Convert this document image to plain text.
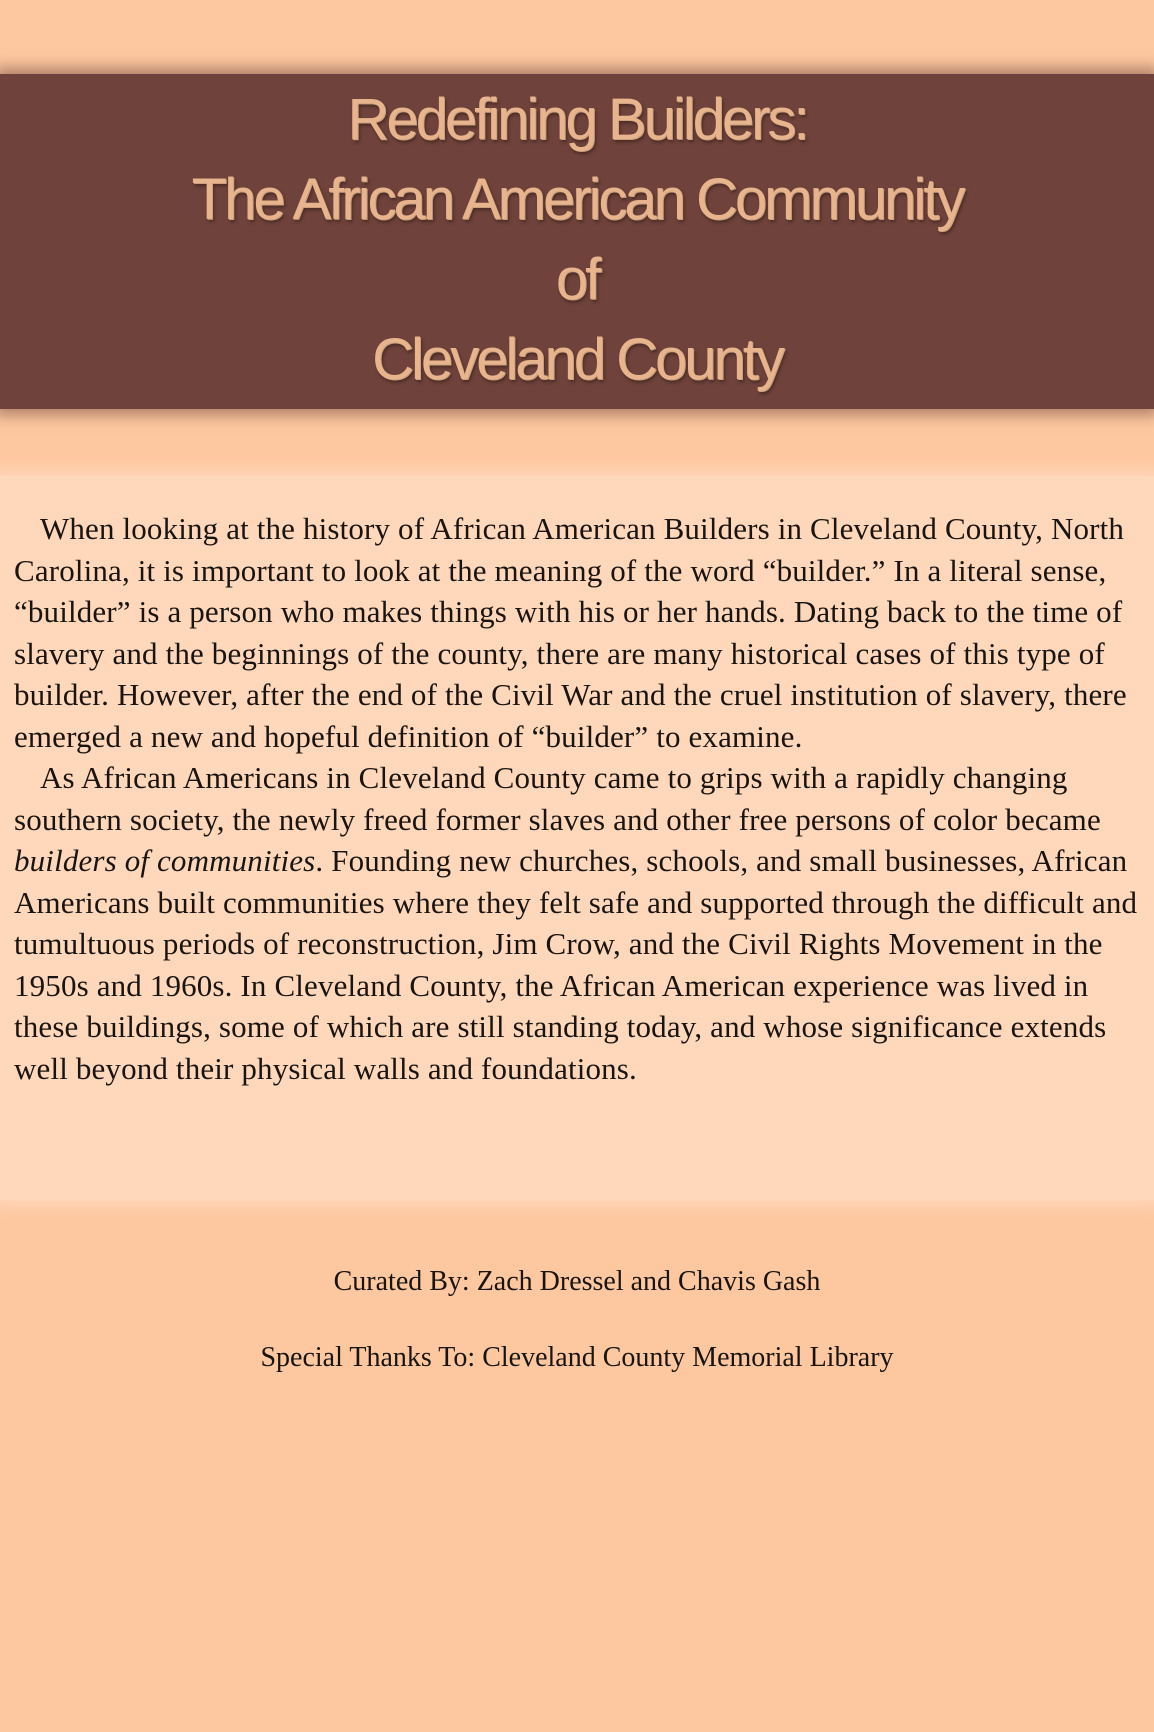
Redefining Builders:
The African American Community
of
Cleveland County

When looking at the history of African American Builders in Cleveland County, North Carolina, it is important to look at the meaning of the word “builder.” In a literal sense, “builder” is a person who makes things with his or her hands. Dating back to the time of slavery and the beginnings of the county, there are many historical cases of this type of builder. However, after the end of the Civil War and the cruel institution of slavery, there emerged a new and hopeful definition of “builder” to examine.

As African Americans in Cleveland County came to grips with a rapidly changing southern society, the newly freed former slaves and other free persons of color became builders of communities. Founding new churches, schools, and small businesses, African Americans built communities where they felt safe and supported through the difficult and tumultuous periods of reconstruction, Jim Crow, and the Civil Rights Movement in the 1950s and 1960s. In Cleveland County, the African American experience was lived in these buildings, some of which are still standing today, and whose significance extends well beyond their physical walls and foundations.

Curated By: Zach Dressel and Chavis Gash
Special Thanks To: Cleveland County Memorial Library
